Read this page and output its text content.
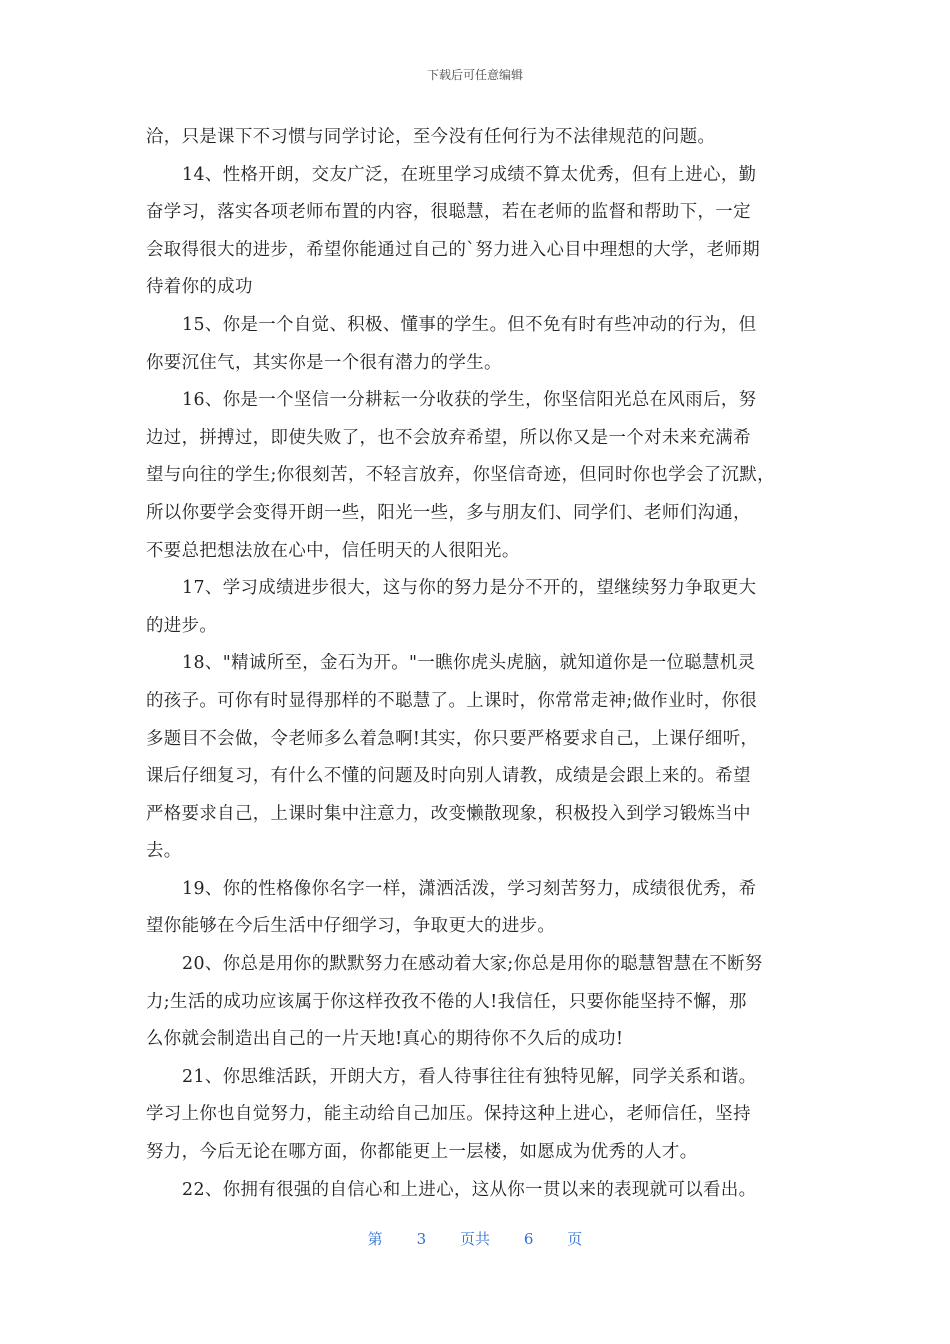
下载后可任意编辑
洽，只是课下不习惯与同学讨论，至今没有任何行为不法律规范的问题。
14、性格开朗，交友广泛，在班里学习成绩不算太优秀，但有上进心，勤
奋学习，落实各项老师布置的内容，很聪慧，若在老师的监督和帮助下，一定
会取得很大的进步，希望你能通过自己的`努力进入心目中理想的大学，老师期
待着你的成功
15、你是一个自觉、积极、懂事的学生。但不免有时有些冲动的行为，但
你要沉住气，其实你是一个很有潜力的学生。
16、你是一个坚信一分耕耘一分收获的学生，你坚信阳光总在风雨后，努
边过，拼搏过，即使失败了，也不会放弃希望，所以你又是一个对未来充满希
望与向往的学生;你很刻苦，不轻言放弃，你坚信奇迹，但同时你也学会了沉默，
所以你要学会变得开朗一些，阳光一些，多与朋友们、同学们、老师们沟通，
不要总把想法放在心中，信任明天的人很阳光。
17、学习成绩进步很大，这与你的努力是分不开的，望继续努力争取更大
的进步。
18、"精诚所至，金石为开。"一瞧你虎头虎脑，就知道你是一位聪慧机灵
的孩子。可你有时显得那样的不聪慧了。上课时，你常常走神;做作业时，你很
多题目不会做，令老师多么着急啊!其实，你只要严格要求自己，上课仔细听，
课后仔细复习，有什么不懂的问题及时向别人请教，成绩是会跟上来的。希望
严格要求自己，上课时集中注意力，改变懒散现象，积极投入到学习锻炼当中
去。
19、你的性格像你名字一样，潇洒活泼，学习刻苦努力，成绩很优秀，希
望你能够在今后生活中仔细学习，争取更大的进步。
20、你总是用你的默默努力在感动着大家;你总是用你的聪慧智慧在不断努
力;生活的成功应该属于你这样孜孜不倦的人!我信任，只要你能坚持不懈，那
么你就会制造出自己的一片天地!真心的期待你不久后的成功!
21、你思维活跃，开朗大方，看人待事往往有独特见解，同学关系和谐。
学习上你也自觉努力，能主动给自己加压。保持这种上进心，老师信任，坚持
努力，今后无论在哪方面，你都能更上一层楼，如愿成为优秀的人才。
22、你拥有很强的自信心和上进心，这从你一贯以来的表现就可以看出。
第 3 页共 6 页
